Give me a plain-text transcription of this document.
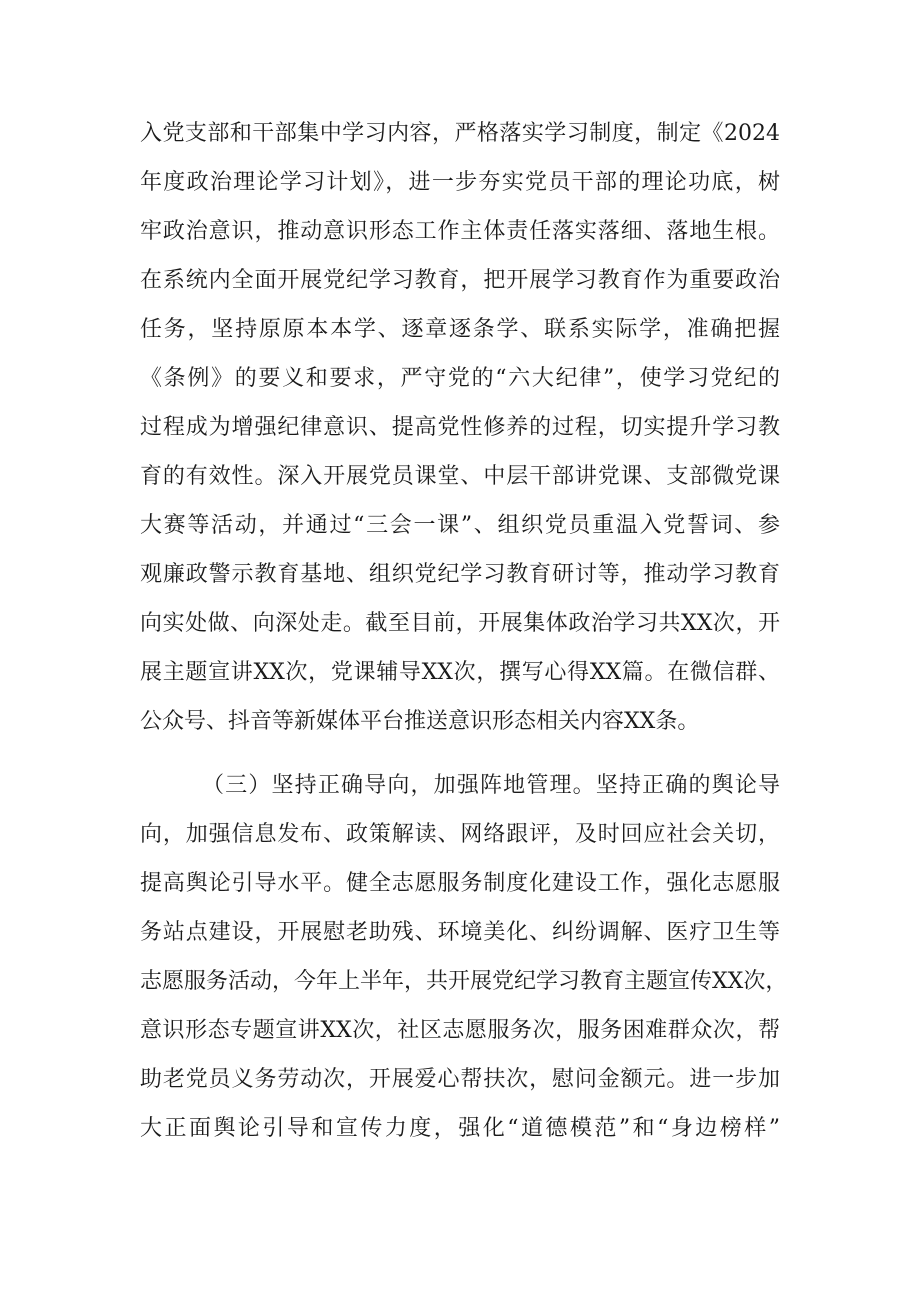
入党支部和干部集中学习内容，严格落实学习制度，制定《2024
年度政治理论学习计划》，进一步夯实党员干部的理论功底，树
牢政治意识，推动意识形态工作主体责任落实落细、落地生根。
在系统内全面开展党纪学习教育，把开展学习教育作为重要政治
任务，坚持原原本本学、逐章逐条学、联系实际学，准确把握
《条例》的要义和要求，严守党的“六大纪律”，使学习党纪的
过程成为增强纪律意识、提高党性修养的过程，切实提升学习教
育的有效性。深入开展党员课堂、中层干部讲党课、支部微党课
大赛等活动，并通过“三会一课”、组织党员重温入党誓词、参
观廉政警示教育基地、组织党纪学习教育研讨等，推动学习教育
向实处做、向深处走。截至目前，开展集体政治学习共XX次，开
展主题宣讲XX次，党课辅导XX次，撰写心得XX篇。在微信群、
公众号、抖音等新媒体平台推送意识形态相关内容XX条。
（三）坚持正确导向，加强阵地管理。坚持正确的舆论导
向，加强信息发布、政策解读、网络跟评，及时回应社会关切，
提高舆论引导水平。健全志愿服务制度化建设工作，强化志愿服
务站点建设，开展慰老助残、环境美化、纠纷调解、医疗卫生等
志愿服务活动，今年上半年，共开展党纪学习教育主题宣传XX次，
意识形态专题宣讲XX次，社区志愿服务次，服务困难群众次，帮
助老党员义务劳动次，开展爱心帮扶次，慰问金额元。进一步加
大正面舆论引导和宣传力度，强化“道德模范”和“身边榜样”
